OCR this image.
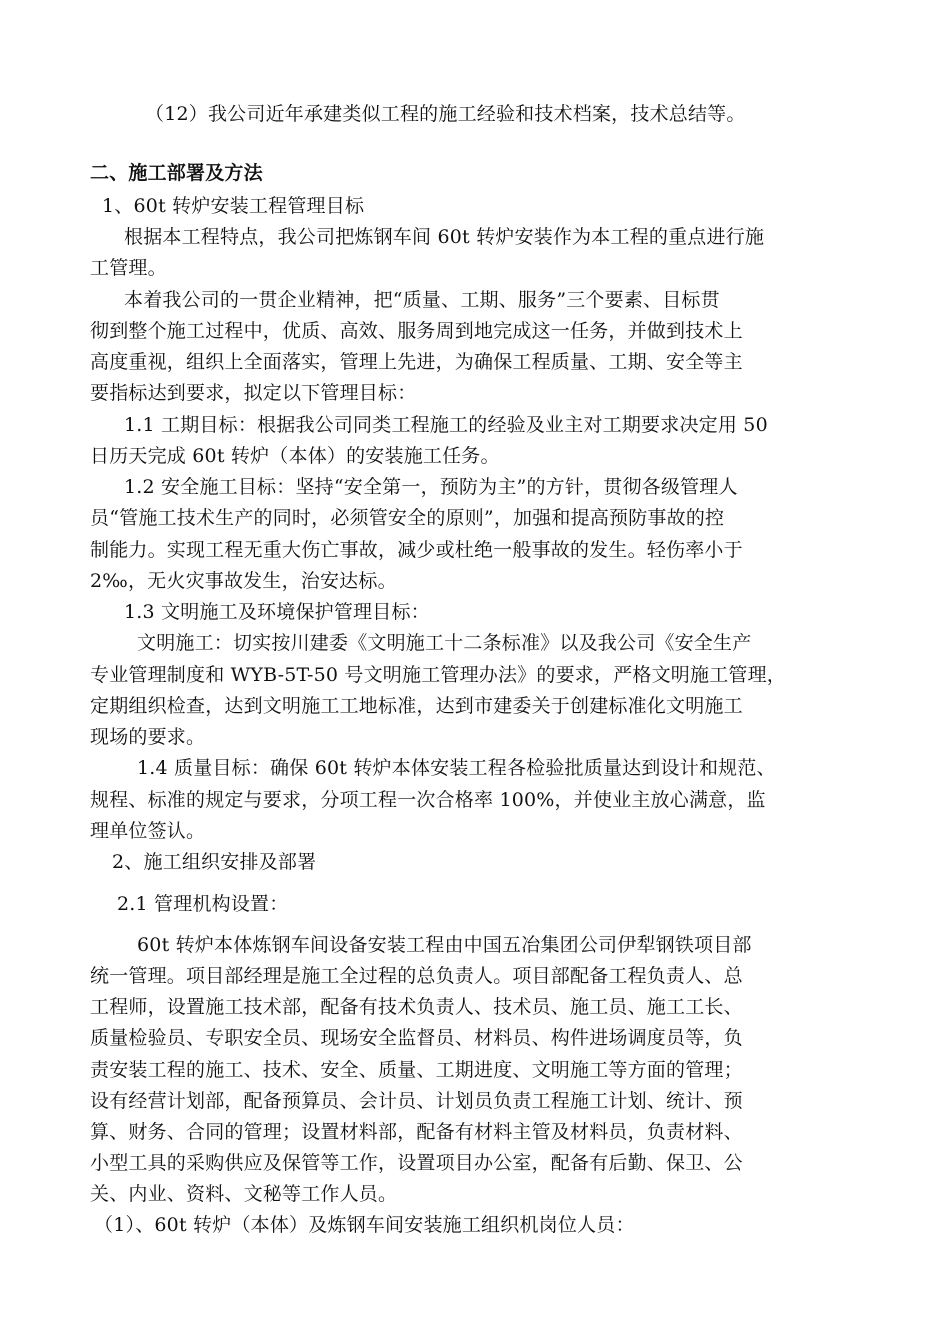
（12）我公司近年承建类似工程的施工经验和技术档案，技术总结等。
二、施工部署及方法
1、60t 转炉安装工程管理目标
根据本工程特点，我公司把炼钢车间 60t 转炉安装作为本工程的重点进行施
工管理。
本着我公司的一贯企业精神，把“质量、工期、服务”三个要素、目标贯
彻到整个施工过程中，优质、高效、服务周到地完成这一任务，并做到技术上
高度重视，组织上全面落实，管理上先进，为确保工程质量、工期、安全等主
要指标达到要求，拟定以下管理目标：
1.1 工期目标：根据我公司同类工程施工的经验及业主对工期要求决定用 50
日历天完成 60t 转炉（本体）的安装施工任务。
1.2 安全施工目标：坚持“安全第一，预防为主”的方针，贯彻各级管理人
员“管施工技术生产的同时，必须管安全的原则”，加强和提高预防事故的控
制能力。实现工程无重大伤亡事故，减少或杜绝一般事故的发生。轻伤率小于
2‰，无火灾事故发生，治安达标。
1.3 文明施工及环境保护管理目标：
文明施工：切实按川建委《文明施工十二条标准》以及我公司《安全生产
专业管理制度和 WYB-5T-50 号文明施工管理办法》的要求，严格文明施工管理，
定期组织检查，达到文明施工工地标准，达到市建委关于创建标准化文明施工
现场的要求。
1.4 质量目标：确保 60t 转炉本体安装工程各检验批质量达到设计和规范、
规程、标准的规定与要求，分项工程一次合格率 100%，并使业主放心满意，监
理单位签认。
2、施工组织安排及部署
2.1 管理机构设置：
60t 转炉本体炼钢车间设备安装工程由中国五冶集团公司伊犁钢铁项目部
统一管理。项目部经理是施工全过程的总负责人。项目部配备工程负责人、总
工程师，设置施工技术部，配备有技术负责人、技术员、施工员、施工工长、
质量检验员、专职安全员、现场安全监督员、材料员、构件进场调度员等，负
责安装工程的施工、技术、安全、质量、工期进度、文明施工等方面的管理；
设有经营计划部，配备预算员、会计员、计划员负责工程施工计划、统计、预
算、财务、合同的管理；设置材料部，配备有材料主管及材料员，负责材料、
小型工具的采购供应及保管等工作，设置项目办公室，配备有后勤、保卫、公
关、内业、资料、文秘等工作人员。
（1）、60t 转炉（本体）及炼钢车间安装施工组织机岗位人员：
